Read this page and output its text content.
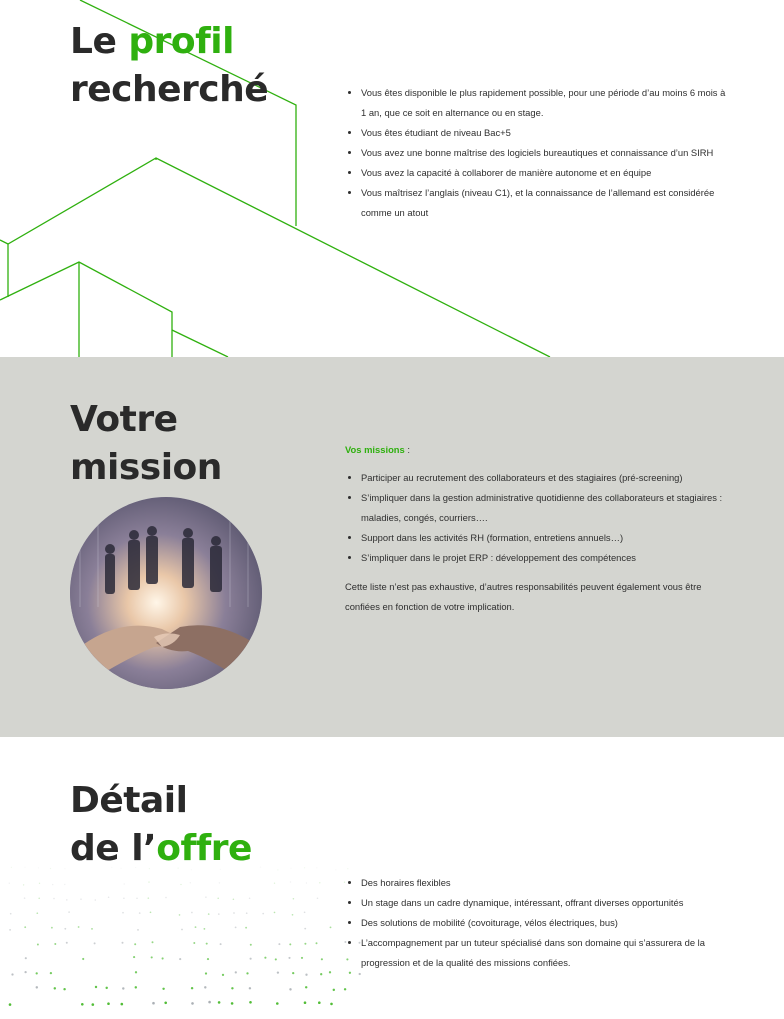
Le profil
recherché
•	Vous êtes disponible le plus rapidement possible, pour une période d’au moins 6 mois à 1 an, que ce soit en alternance ou en stage.
• Vous êtes étudiant de niveau Bac+5
• Vous avez une bonne maîtrise des logiciels bureautiques et connaissance d’un SIRH
• Vous avez la capacité à collaborer de manière autonome et en équipe
• Vous maîtrisez l’anglais (niveau C1), et la connaissance de l’allemand est considérée comme un atout
Votre
mission	Vos missions :
• Participer au recrutement des collaborateurs et des stagiaires (pré-screening)
• S’impliquer dans la gestion administrative quotidienne des collaborateurs et stagiaires : maladies, congés, courriers….
• Support dans les activités RH (formation, entretiens annuels…)
• S’impliquer dans le projet ERP : développement des compétences

Cette liste n’est pas exhaustive, d’autres responsabilités peuvent également vous être confiées en fonction de votre implication.

Détail
de l’offre
• Des horaires flexibles
• Un stage dans un cadre dynamique, intéressant, offrant diverses opportunités
• Des solutions de mobilité (covoiturage, vélos électriques, bus)
• L’accompagnement par un tuteur spécialisé dans son domaine qui s’assurera de la progression et de la qualité des missions confiées.
